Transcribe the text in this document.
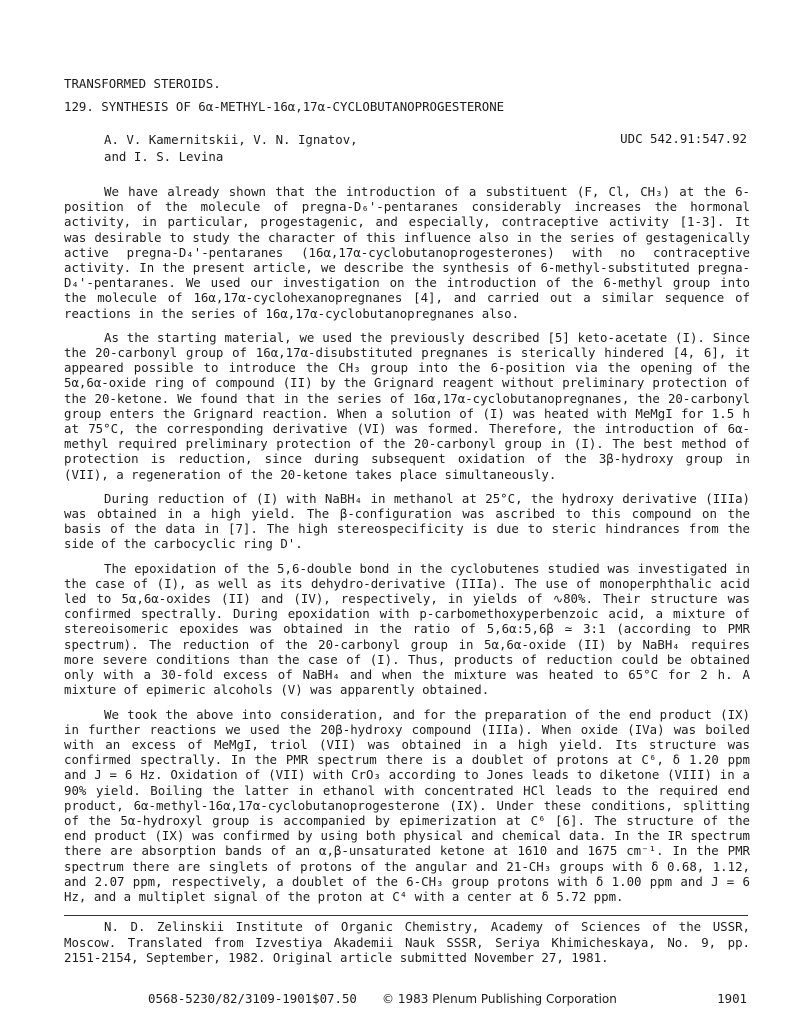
TRANSFORMED STEROIDS.
129. SYNTHESIS OF 6α-METHYL-16α,17α-CYCLOBUTANOPROGESTERONE
A. V. Kamernitskii, V. N. Ignatov,
and I. S. Levina
UDC 542.91:547.92

We have already shown that the introduction of a substituent (F, Cl, CH₃) at the 6-position of the molecule of pregna-D₆'-pentaranes considerably increases the hormonal activity, in particular, progestagenic, and especially, contraceptive activity [1-3]. It was desirable to study the character of this influence also in the series of gestagenically active pregna-D₄'-pentaranes (16α,17α-cyclobutanoprogesterones) with no contraceptive activity. In the present article, we describe the synthesis of 6-methyl-substituted pregna-D₄'-pentaranes. We used our investigation on the introduction of the 6-methyl group into the molecule of 16α,17α-cyclohexanopregnanes [4], and carried out a similar sequence of reactions in the series of 16α,17α-cyclobutanopregnanes also.

As the starting material, we used the previously described [5] keto-acetate (I). Since the 20-carbonyl group of 16α,17α-disubstituted pregnanes is sterically hindered [4, 6], it appeared possible to introduce the CH₃ group into the 6-position via the opening of the 5α,6α-oxide ring of compound (II) by the Grignard reagent without preliminary protection of the 20-ketone. We found that in the series of 16α,17α-cyclobutanopregnanes, the 20-carbonyl group enters the Grignard reaction. When a solution of (I) was heated with MeMgI for 1.5 h at 75°C, the corresponding derivative (VI) was formed. Therefore, the introduction of 6α-methyl required preliminary protection of the 20-carbonyl group in (I). The best method of protection is reduction, since during subsequent oxidation of the 3β-hydroxy group in (VII), a regeneration of the 20-ketone takes place simultaneously.

During reduction of (I) with NaBH₄ in methanol at 25°C, the hydroxy derivative (IIIa) was obtained in a high yield. The β-configuration was ascribed to this compound on the basis of the data in [7]. The high stereospecificity is due to steric hindrances from the side of the carbocyclic ring D'.

The epoxidation of the 5,6-double bond in the cyclobutenes studied was investigated in the case of (I), as well as its dehydro-derivative (IIIa). The use of monoperphthalic acid led to 5α,6α-oxides (II) and (IV), respectively, in yields of ∿80%. Their structure was confirmed spectrally. During epoxidation with p-carbomethoxyperbenzoic acid, a mixture of stereoisomeric epoxides was obtained in the ratio of 5,6α:5,6β ≃ 3:1 (according to PMR spectrum). The reduction of the 20-carbonyl group in 5α,6α-oxide (II) by NaBH₄ requires more severe conditions than the case of (I). Thus, products of reduction could be obtained only with a 30-fold excess of NaBH₄ and when the mixture was heated to 65°C for 2 h. A mixture of epimeric alcohols (V) was apparently obtained.

We took the above into consideration, and for the preparation of the end product (IX) in further reactions we used the 20β-hydroxy compound (IIIa). When oxide (IVa) was boiled with an excess of MeMgI, triol (VII) was obtained in a high yield. Its structure was confirmed spectrally. In the PMR spectrum there is a doublet of protons at C⁶, δ 1.20 ppm and J = 6 Hz. Oxidation of (VII) with CrO₃ according to Jones leads to diketone (VIII) in a 90% yield. Boiling the latter in ethanol with concentrated HCl leads to the required end product, 6α-methyl-16α,17α-cyclobutanoprogesterone (IX). Under these conditions, splitting of the 5α-hydroxyl group is accompanied by epimerization at C⁶ [6]. The structure of the end product (IX) was confirmed by using both physical and chemical data. In the IR spectrum there are absorption bands of an α,β-unsaturated ketone at 1610 and 1675 cm⁻¹. In the PMR spectrum there are singlets of protons of the angular and 21-CH₃ groups with δ 0.68, 1.12, and 2.07 ppm, respectively, a doublet of the 6-CH₃ group protons with δ 1.00 ppm and J = 6 Hz, and a multiplet signal of the proton at C⁴ with a center at δ 5.72 ppm.

N. D. Zelinskii Institute of Organic Chemistry, Academy of Sciences of the USSR, Moscow. Translated from Izvestiya Akademii Nauk SSSR, Seriya Khimicheskaya, No. 9, pp. 2151-2154, September, 1982. Original article submitted November 27, 1981.
0568-5230/82/3109-1901$07.50 © 1983 Plenum Publishing Corporation	1901
